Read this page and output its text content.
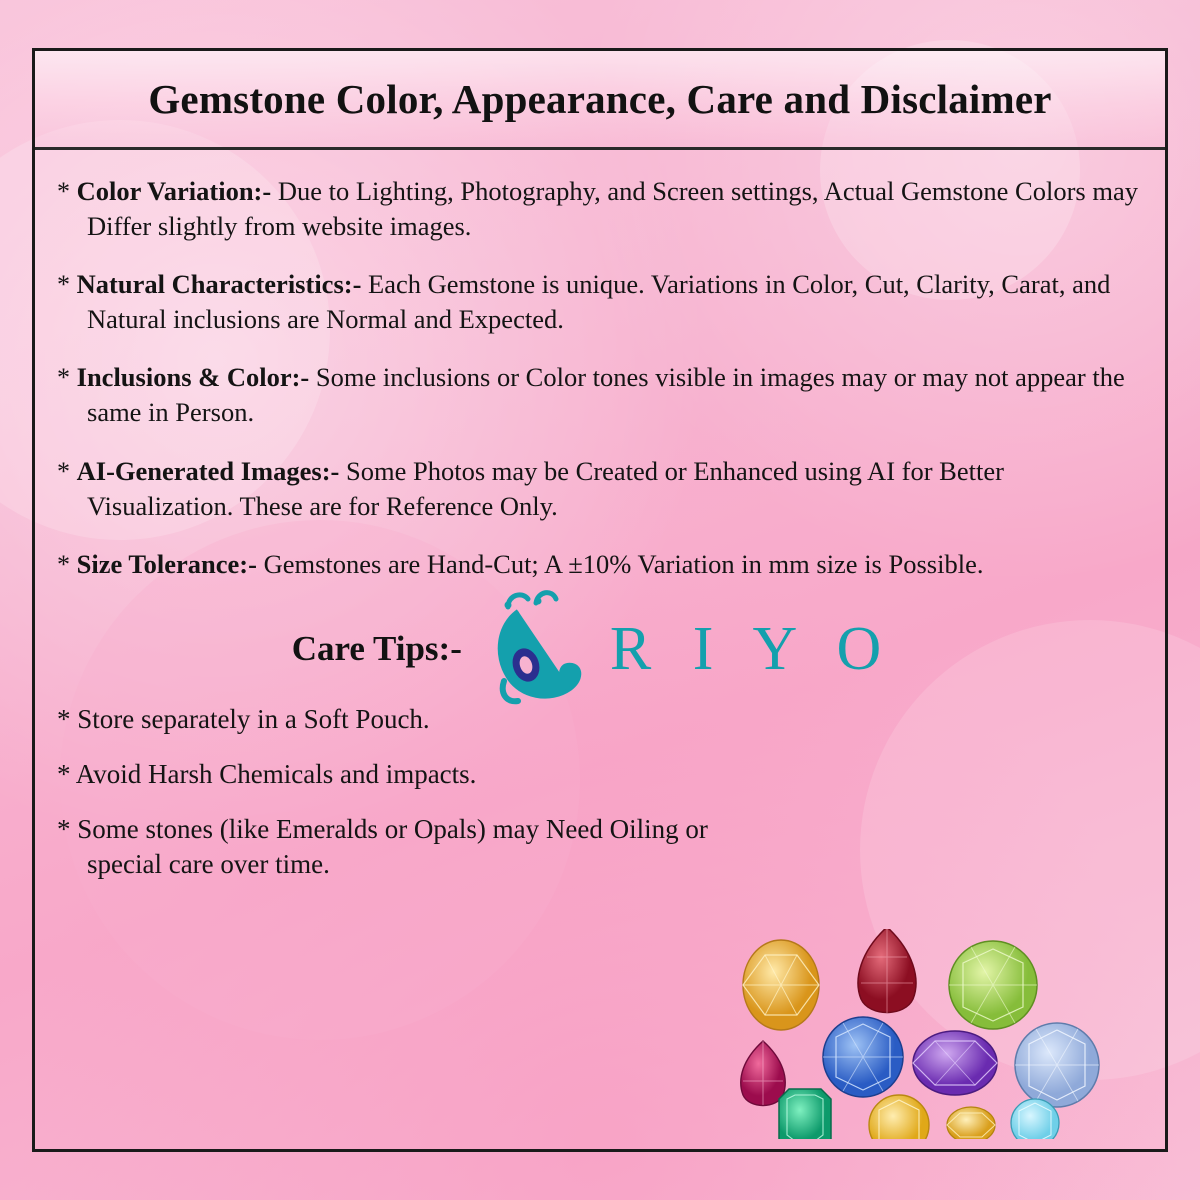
Gemstone Color, Appearance, Care and Disclaimer
* Color Variation:- Due to Lighting, Photography, and Screen settings, Actual Gemstone Colors may Differ slightly from website images.
* Natural Characteristics:- Each Gemstone is unique. Variations in Color, Cut, Clarity, Carat, and Natural inclusions are Normal and Expected.
* Inclusions & Color:- Some inclusions or Color tones visible in images may or may not appear the same in Person.
* AI-Generated Images:- Some Photos may be Created or Enhanced using AI for Better Visualization. These are for Reference Only.
* Size Tolerance:- Gemstones are Hand-Cut; A ±10% Variation in mm size is Possible.
Care Tips:- R I Y O
* Store separately in a Soft Pouch.
* Avoid Harsh Chemicals and impacts.
* Some stones (like Emeralds or Opals) may Need Oiling or special care over time.
